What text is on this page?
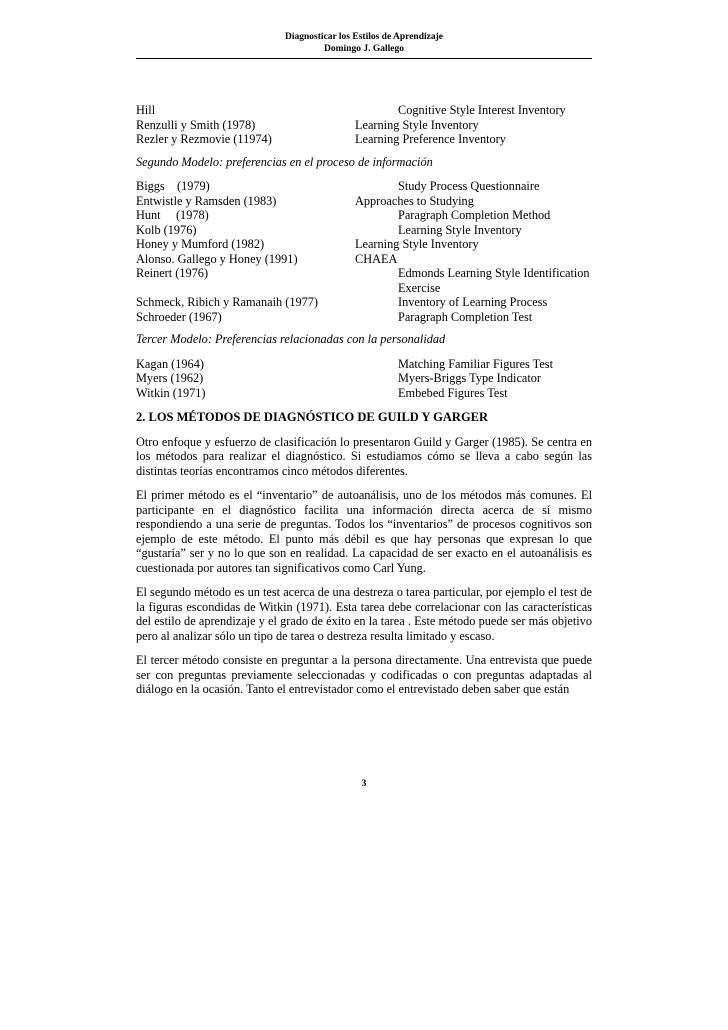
Diagnosticar los Estilos de Aprendizaje
Domingo J. Gallego
Hill	Cognitive Style Interest Inventory
Renzulli y Smith (1978)	Learning Style Inventory
Rezler y Rezmovie (11974)	Learning Preference Inventory
Segundo Modelo: preferencias en el proceso de información
Biggs    (1979)	Study Process Questionnaire
Entwistle y Ramsden (1983)	Approaches to Studying
Hunt     (1978)	Paragraph Completion Method
Kolb (1976)	Learning Style Inventory
Honey y Mumford (1982)	Learning Style Inventory
Alonso. Gallego y Honey (1991)	CHAEA
Reinert (1976)	Edmonds Learning Style Identification
Exercise
Schmeck, Ribich y Ramanaih (1977)	Inventory of Learning Process
Schroeder (1967)	Paragraph Completion Test
Tercer Modelo: Preferencias relacionadas con la personalidad
Kagan (1964)	Matching Familiar Figures Test
Myers (1962)	Myers-Briggs Type Indicator
Witkin (1971)	Embebed Figures Test
2. LOS MÉTODOS DE DIAGNÓSTICO DE GUILD Y GARGER

Otro enfoque y esfuerzo de clasificación lo presentaron Guild y Garger (1985). Se centra en los métodos para realizar el diagnóstico. Si estudiamos cómo se lleva a cabo según las distintas teorías encontramos cinco métodos diferentes.

El primer método es el “inventario” de autoanálisis, uno de los métodos más comunes. El participante en el diagnóstico facilita una información directa acerca de sí mismo respondiendo a una serie de preguntas. Todos los “inventarios” de procesos cognitivos son ejemplo de este método. El punto más débil es que hay personas que expresan lo que “gustaría” ser y no lo que son en realidad. La capacidad de ser exacto en el autoanálisis es cuestionada por autores tan significativos como Carl Yung.

El segundo método es un test acerca de una destreza o tarea particular, por ejemplo el test de la figuras escondidas de Witkin (1971). Esta tarea debe correlacionar con las características del estilo de aprendizaje y el grado de éxito en la tarea . Este método puede ser más objetivo pero al analizar sólo un tipo de tarea o destreza resulta limitado y escaso.

El tercer método consiste en preguntar a la persona directamente. Una entrevista que puede ser con preguntas previamente seleccionadas y codificadas o con preguntas adaptadas al diálogo en la ocasión. Tanto el entrevistador como el entrevistado deben saber que están

3
